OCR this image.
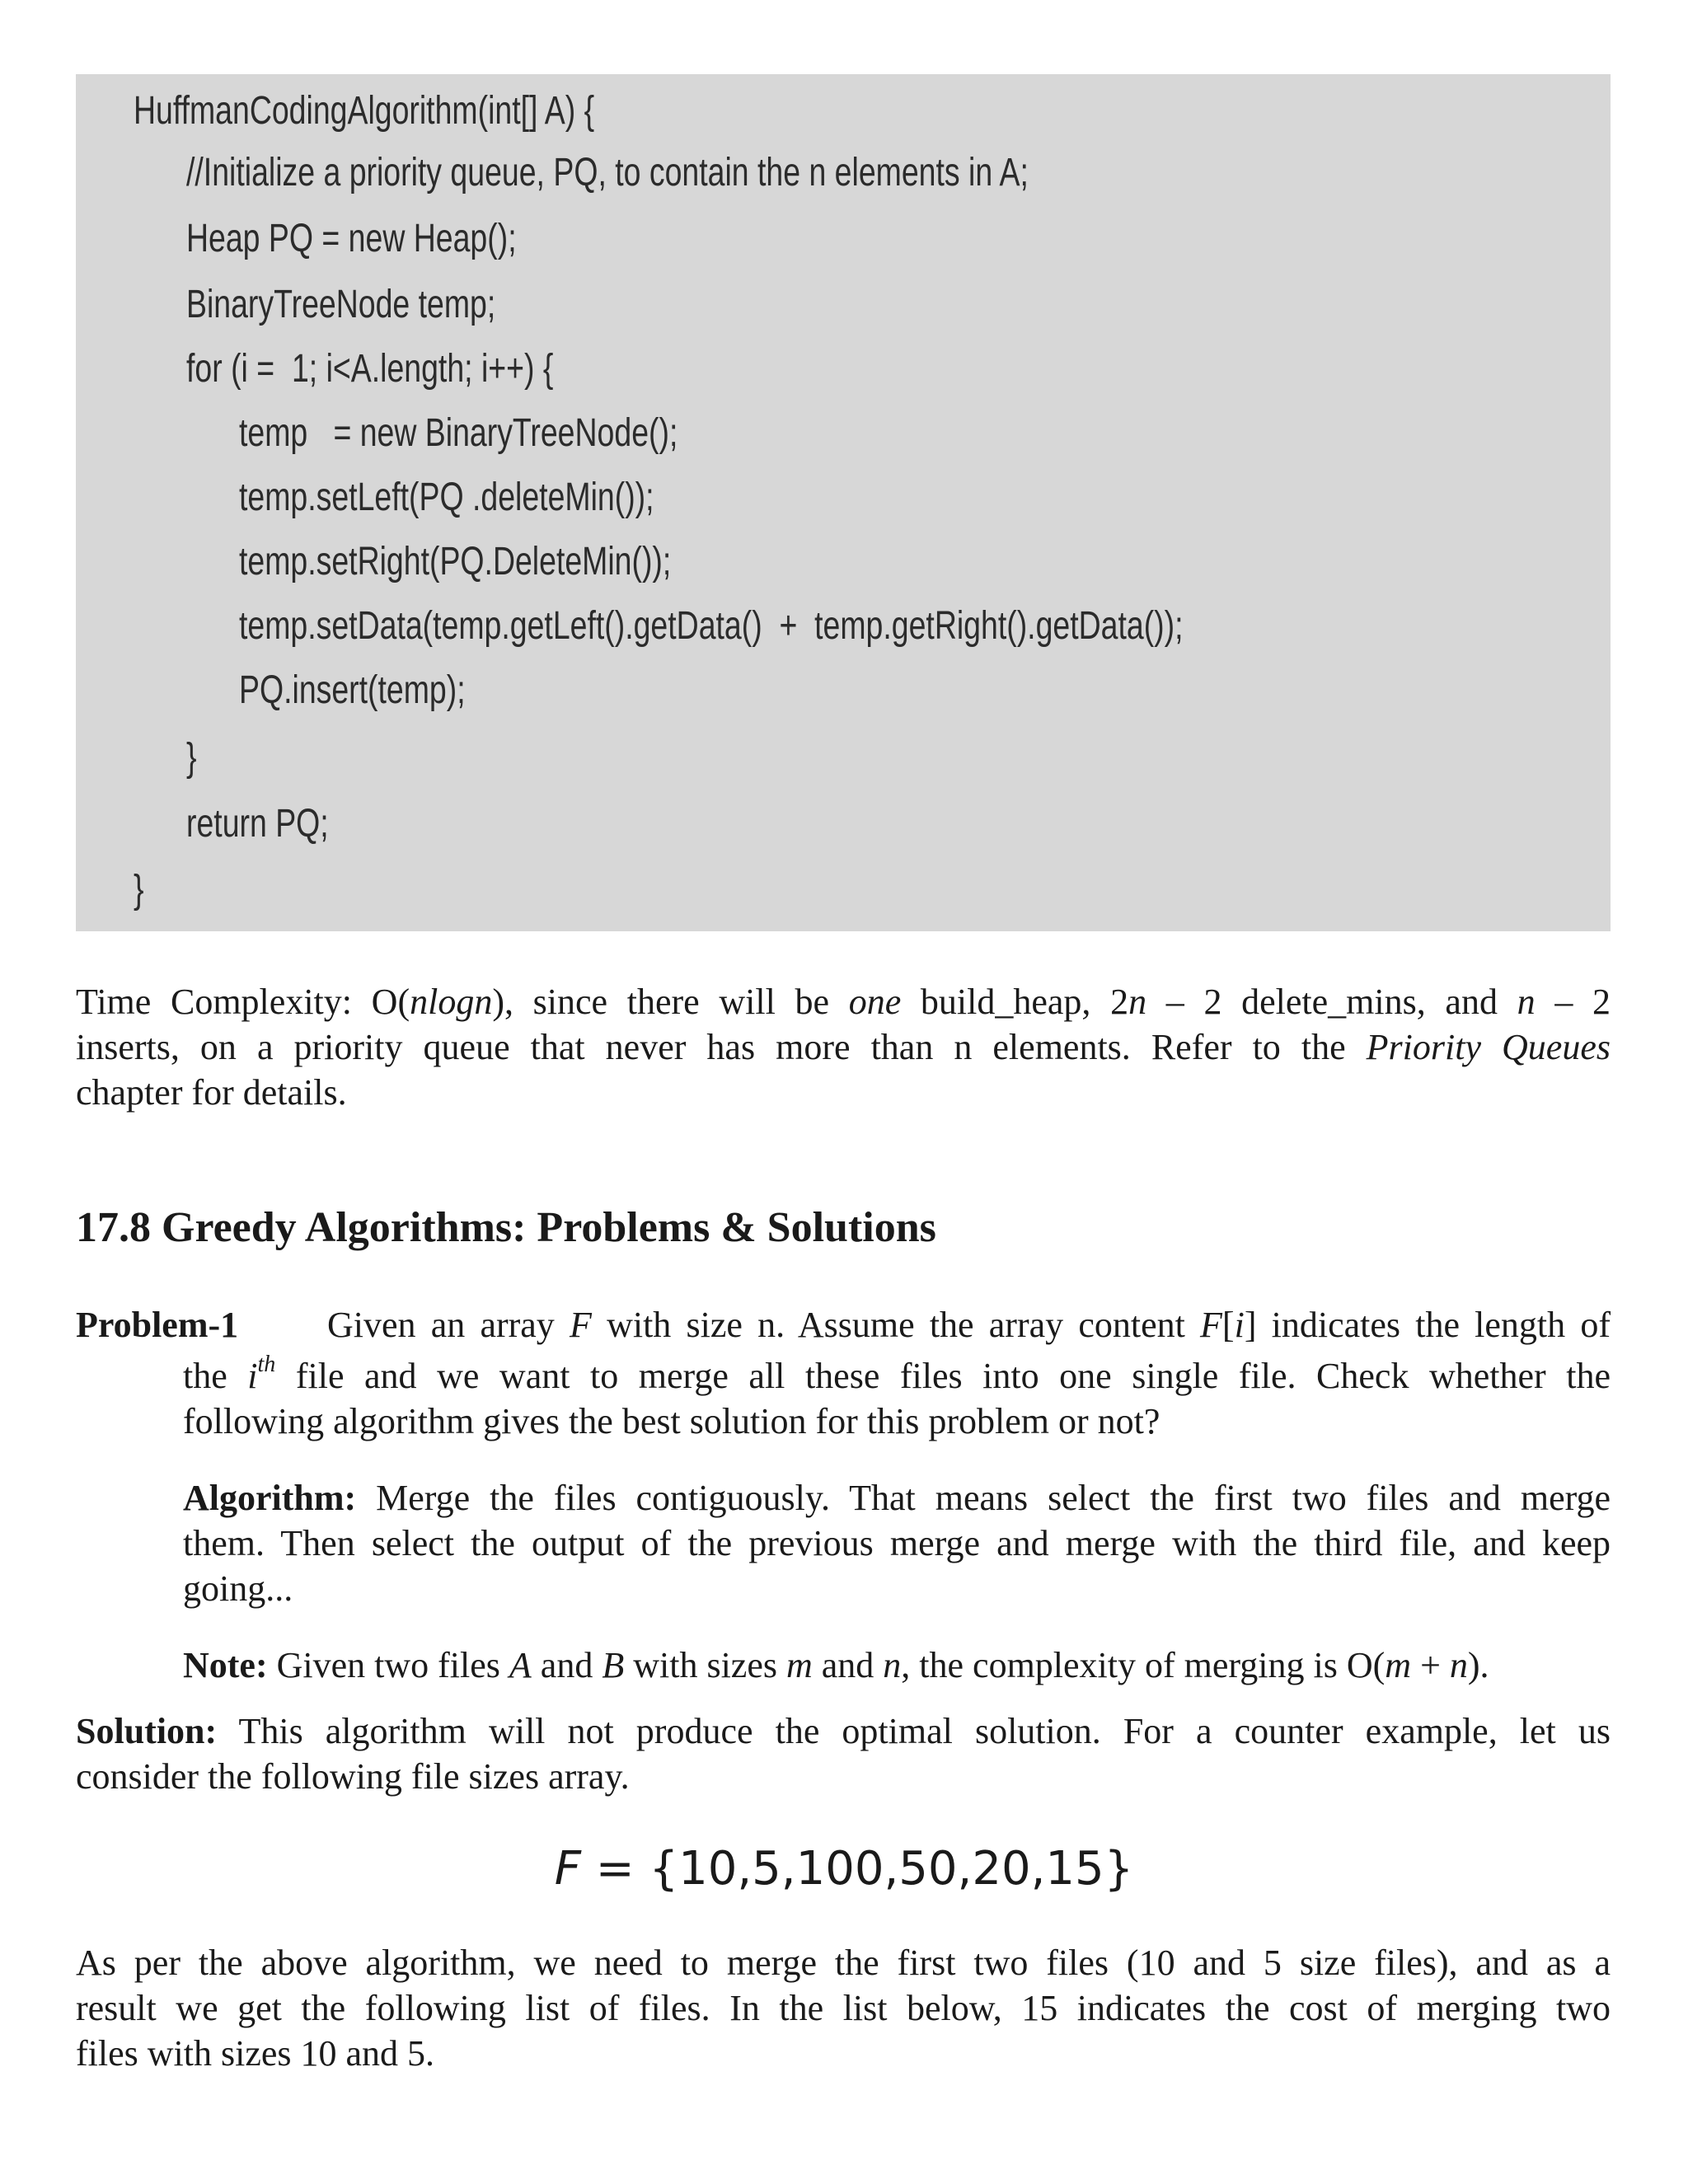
HuffmanCodingAlgorithm(int[] A) {
//Initialize a priority queue, PQ, to contain the n elements in A;
Heap PQ = new Heap();
BinaryTreeNode temp;
for (i =  1; i<A.length; i++) {
temp   = new BinaryTreeNode();
temp.setLeft(PQ .deleteMin());
temp.setRight(PQ.DeleteMin());
temp.setData(temp.getLeft().getData()  +  temp.getRight().getData());
PQ.insert(temp);
}
return PQ;
}
Time Complexity: O(nlogn), since there will be one build_heap, 2n – 2 delete_mins, and n – 2
inserts, on a priority queue that never has more than n elements. Refer to the Priority Queues
chapter for details.
17.8 Greedy Algorithms: Problems & Solutions
Problem-1 Given an array F with size n. Assume the array content F[i] indicates the length of
the $i^{th}$ file and we want to merge all these files into one single file. Check whether the
following algorithm gives the best solution for this problem or not?
Algorithm: Merge the files contiguously. That means select the first two files and merge
them. Then select the output of the previous merge and merge with the third file, and keep
going...
Note: Given two files A and B with sizes m and n, the complexity of merging is O(m + n).
Solution: This algorithm will not produce the optimal solution. For a counter example, let us
consider the following file sizes array.
F = {10,5,100,50,20,15}
As per the above algorithm, we need to merge the first two files (10 and 5 size files), and as a
result we get the following list of files. In the list below, 15 indicates the cost of merging two
files with sizes 10 and 5.
